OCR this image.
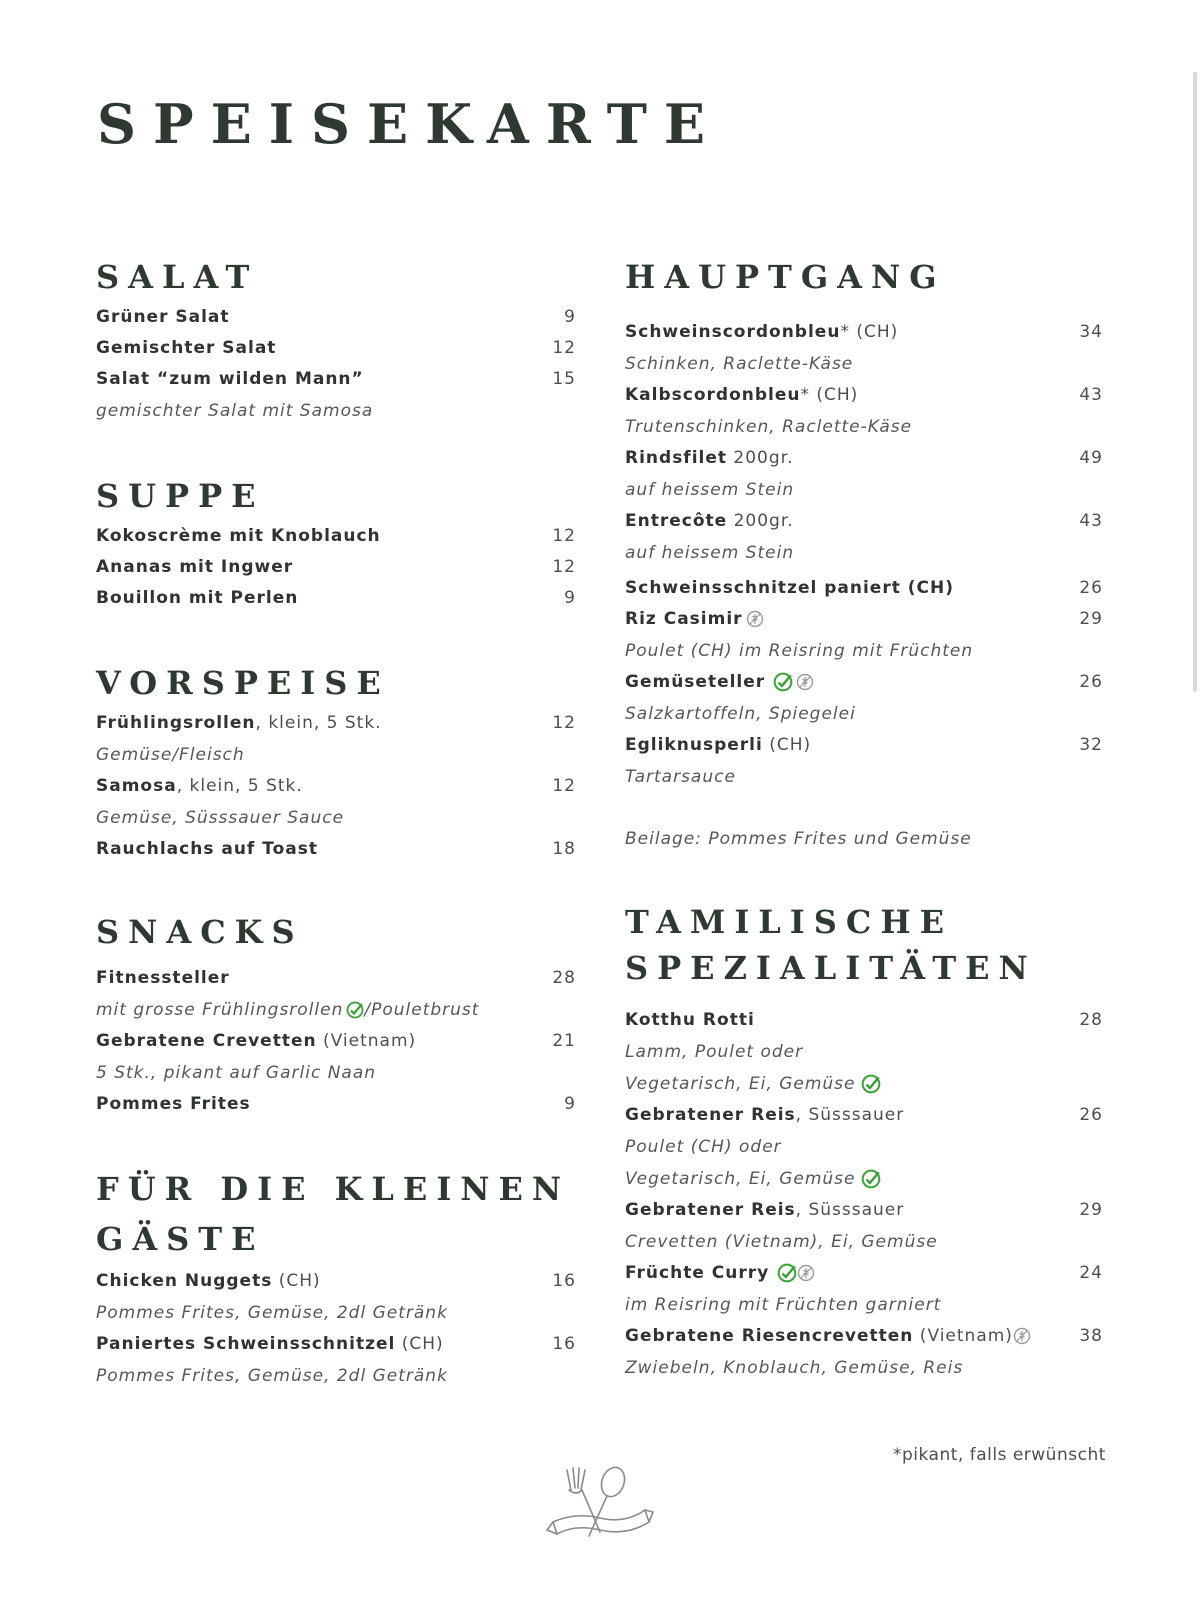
SPEISEKARTE
SALAT
Grüner Salat	9
Gemischter Salat	12
Salat “zum wilden Mann”	15
gemischter Salat mit Samosa
SUPPE
Kokoscrème mit Knoblauch	12
Ananas mit Ingwer	12
Bouillon mit Perlen	9
VORSPEISE
Frühlingsrollen, klein, 5 Stk.	12
Gemüse/Fleisch
Samosa, klein, 5 Stk.	12
Gemüse, Süsssauer Sauce
Rauchlachs auf Toast	18
SNACKS
Fitnessteller	28
mit grosse Frühlingsrollen /Pouletbrust
Gebratene Crevetten (Vietnam)	21
5 Stk., pikant auf Garlic Naan
Pommes Frites	9
FÜR DIE KLEINEN
GÄSTE
Chicken Nuggets (CH)	16
Pommes Frites, Gemüse, 2dl Getränk
Paniertes Schweinsschnitzel (CH)	16
Pommes Frites, Gemüse, 2dl Getränk
HAUPTGANG
Schweinscordonbleu* (CH)	34
Schinken, Raclette-Käse
Kalbscordonbleu* (CH)	43
Trutenschinken, Raclette-Käse
Rindsfilet 200gr.	49
auf heissem Stein
Entrecôte 200gr.	43
auf heissem Stein
Schweinsschnitzel paniert (CH)	26
Riz Casimir	29
Poulet (CH) im Reisring mit Früchten
Gemüseteller	26
Salzkartoffeln, Spiegelei
Egliknusperli (CH)	32
Tartarsauce
Beilage: Pommes Frites und Gemüse
TAMILISCHE
SPEZIALITÄTEN
Kotthu Rotti	28
Lamm, Poulet oder
Vegetarisch, Ei, Gemüse
Gebratener Reis, Süsssauer	26
Poulet (CH) oder
Vegetarisch, Ei, Gemüse
Gebratener Reis, Süsssauer	29
Crevetten (Vietnam), Ei, Gemüse
Früchte Curry	24
im Reisring mit Früchten garniert
Gebratene Riesencrevetten (Vietnam)	38
Zwiebeln, Knoblauch, Gemüse, Reis
*pikant, falls erwünscht
